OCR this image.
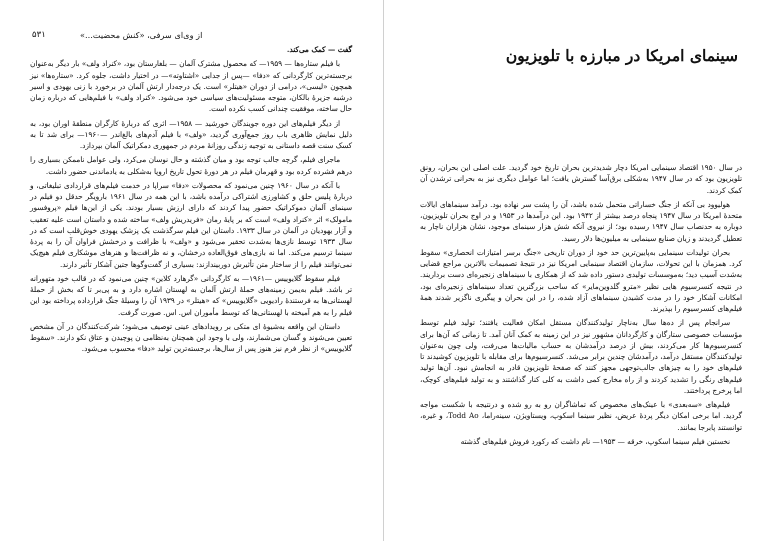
۵۳۱	از وی‌ای سرفی، «کنش محضیت...»

گفت — کمک می‌کند.

با فیلم ستاره‌ها — ۱۹۵۹— که محصول مشترک آلمان — بلغارستان بود، «کنراد ولف» بار دیگر به‌عنوان برجسته‌ترین کارگردانی که «دفا» —پس از جدایی «اشتاوته»— در اختیار داشت، جلوه کرد. «ستاره‌ها» نیز همچون «لیسی»، درامی از دوران «هیتلر» است. یک درجه‌دار ارتش آلمان در برخورد با زنی یهودی و اسیر درشبه جزیرهٔ بالکان، متوجه مسئولیت‌های سیاسی خود می‌شود. «کنراد ولف» با فیلم‌هایی که درباره زمان حال ساخته، موفقیت چندانی کسب نکرده است.

از دیگر فیلم‌های این دوره جویندگان خورشید — ۱۹۵۸— اثری که دربارهٔ کارگران منطقهٔ اوران بود، به دلیل نمایش ظاهری باب روز جمع‌آوری گردید، «ولف» با فیلم آدم‌های بالغ‌اندر —۱۹۶۰— برای شد تا به کسک سنت قصه داستانی به توجیه زندگی روزانهٔ مردم در جمهوری دمکراتیک آلمان بپردازد.

ماجرای فیلم، گرچه جالب توجه بود و میان گذشته و حال نوسان می‌کرد، ولی عوامل ناممکن بسیاری را درهم فشرده کرده بود و قهرمان فیلم در هر دورهٔ تحول تاریخ اروپا به‌شکلی به‌ یادماندنی حضور داشت.

با آنکه در سال ۱۹۶۰ چنین می‌نمود که محصولات «دفا» سراپا در خدمت فیلم‌های قراردادی تبلیغاتی، و دربارهٔ پلیس حلق و کشاورزی اشتراکی درآمده باشد، با این همه در سال ۱۹۶۱ بارویگر حدقل دو فیلم در سینمای آلمان دموکراتیک حضور پیدا کردند که دارای ارزش بسیار بودند. یکی از این‌ها فیلم «پروفسور مامولک» اثر «کنراد ولف» است که بر پایهٔ رمان «فریدریش ولف» ساخته شده و داستان است علیه تعقیب و آزار یهودیان در آلمان در سال ۱۹۳۳. داستان این فیلم سرگذشت یک پزشک یهودی خوش‌قلب است که در سال ۱۹۳۳ توسط نازی‌ها به‌شدت تحقیر می‌شود و «ولف» با ظرافت و درخشش فراوان آن را به پردهٔ سینما ترسیم می‌کند. اما نه بازی‌های فوق‌العاده درخشان، و نه ظرافت‌ها و هنرهای موشکاری فیلم هیچ‌یک نمی‌توانند فیلم را از ساختار متن تأثیرش دوربیندازند: بسیاری از گفت‌وگوها جتین آشکار تأثیر دارند.

فیلم سقوط گلایوییس —۱۹۶۱— به کارگردانی «گرهارد کلاین» چنین می‌نمود که در قالب خود متهورانه تر باشد. فیلم به‌یمن زمینه‌های حملهٔ ارتش آلمان به لهستان اشاره دارد و به پی‌بر تا که بخش از حملهٔ لهستانی‌ها به فرستندهٔ رادیویی «گلایوییس» که «هیتلر» در ۱۹۳۹ آن را وسیلهٔ جنگ قرارداده پرداخته بود این فیلم را به هم آمیخته با لهستانی‌ها که توسط مأموران اس. اس. صورت گرفت.

داستان این واقعه به‌شیوهٔ ای متکی بر رویدادهای عینی توصیف می‌شود؛ شرکت‌کنندگان در آن مشخص تعیین می‌شوند و گسان می‌شمارند، ولی با وجود این همچنان به‌نظامی ن پوچیدن و عتاق نکو دارند. «سقوط گلایوییس» از نظر فرم نیز هنوز پس از سال‌ها، برجسته‌ترین تولید «دفا» محسوب می‌شود.

سینمای امریکا در مبارزه با تلویزیون

در سال ۱۹۵۰ اقتصاد سینمایی امریکا دچار شدیدترین بحران تاریخ خود گردید. علت اصلی این بحران، رونق تلویزیون بود که در سال ۱۹۴۷ به‌شکلی برق‌آسا گسترش یافت؛ اما عوامل دیگری نیز به بحرانی ترشدن آن کمک کردند.

هولیوود بی آنکه از جنگ خساراتی متحمل شده باشد، آن را پشت سر نهاده بود. درآمد سینماهای ایالات متحدهٔ امریکا در سال ۱۹۴۷ پنجاه درصد بیشتر از ۱۹۴۲ بود. این درآمدها در ۱۹۵۳ و در اوج بحران تلویزیون، دوباره به حدنصاب سال ۱۹۴۷ رسیده بود؛ از نیروی آنکه شش هزار سینمای موجود، نشان هزاران ناچار به تعطیل گردیدند و زیان صنایع سینمایی به میلیون‌ها دلار رسید.

بحران تولیدات سینمایی به‌پایین‌ترین حد خود از دوران تاریخی «جنگ برسر امتیازات انحصاری» سقوط کرد. همزمان با این تحولات، سازمان اقتصاد سینمایی امریکا نیز در نتیجهٔ تصمیمات بالاترین مراجع قضایی به‌شدت آسیب دید؛ به‌موسسات تولیدی دستور داده شد که از همکاری با سینماهای زنجیره‌ای دست برداریند. در نتیجه کنسرسیوم هایی نظیر «مترو گلدوین‌مایر» که ساحب بزرگترین تعداد سینماهای زنجیره‌ای بود، امکانات آشکار خود را در مدت کشیدن سینماهای آزاد شده، را در این بحران و پیگیری ناگزیر شدند همه‌ٔ فیلم‌های کنسرسیوم را بپذیرند.

سرانجام پس از ده‌ها سال به‌ناچار تولیدکنندگان مستقل امکان فعالیت یافتند؛ تولید فیلم توسط مؤسسات خصوصی ستارگان و کارگردانان مشهور نیز در این زمینه به کمک آنان آمد. تا زمانی که آن‌ها برای کنسرسیوم‌ها کار می‌کردند، بیش از درصد درآمدشان به حساب مالیات‌ها می‌رفت، ولی چون به‌عنوان تولیدکنندگان مستقل درآمد، درآمدشان چندین برابر می‌شد. کنسرسیوم‌ها برای مقابله با تلویزیون کوشیدند تا فیلم‌های خود را به چیزهای جالب‌توجهی مجهز کنند که صفحهٔ تلویزیون قادر به انجامش نبود. آن‌ها تولید فیلم‌های رنگی را تشدید کردند و از راه مخارج کمی داشت به کلی کنار گذاشتند و به تولید فیلم‌های کوچک، اما پرخرج پرداختند.

فیلم‌های «سه‌بعدی» با عینک‌های مخصوص که تماشاگران رو به رو شده و درنتیجه با شکست مواجه گردید. اما برخی امکان دیگر پردهٔ عریض، نظیر سینما اسکوپ، ویستاویژن، سینه‌راما، Todd Ao، و غیره، توانستند پابرجا بمانند.

نخستین فیلم سینما اسکوپ، خرقه — ۱۹۵۳— نام داشت که رکورد فروش فیلم‌های گذشته
